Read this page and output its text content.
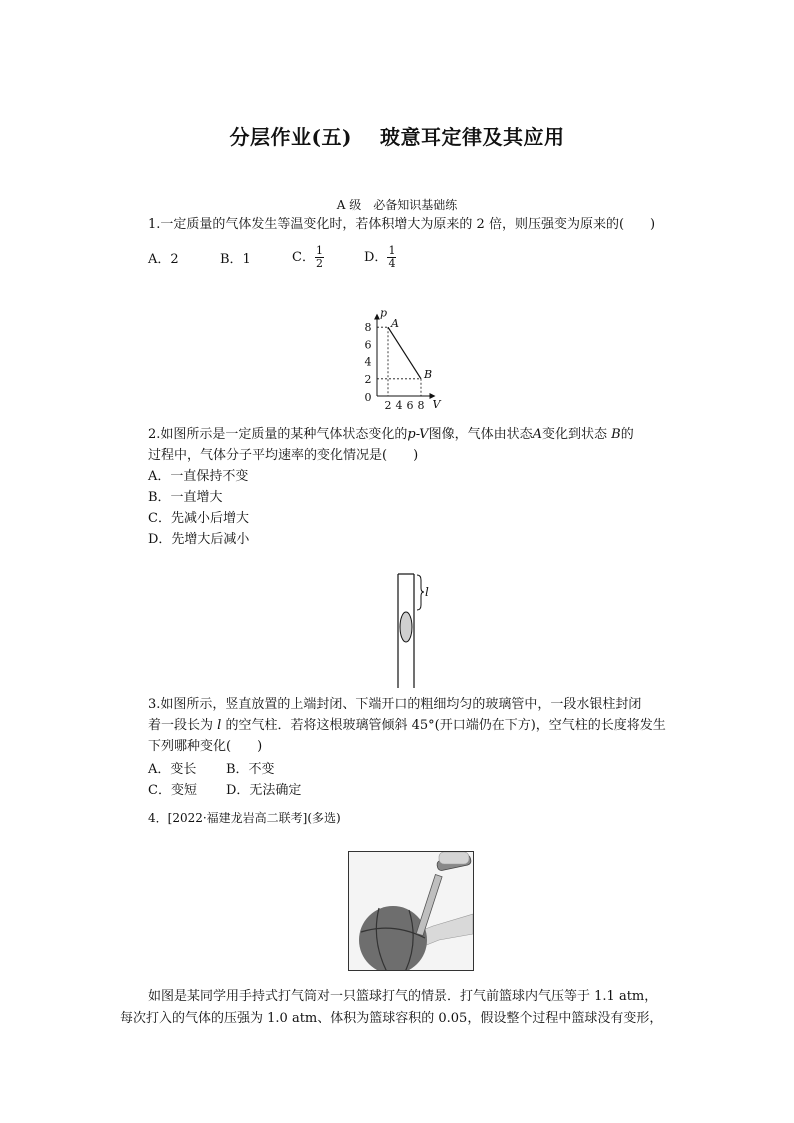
分层作业(五)　 玻意耳定律及其应用
A 级　必备知识基础练
1.一定质量的气体发生等温变化时，若体积增大为原来的 2 倍，则压强变为原来的(　　)
A．2	B．1	C． $\frac{1}{2}$	D． $\frac{1}{4}$
p
V
8
6
4
2
0
2 4 6 8
A
B
2.如图所示是一定质量的某种气体状态变化的p-V图像，气体由状态A变化到状态 B的
过程中，气体分子平均速率的变化情况是(　　)
A．一直保持不变
B．一直增大
C．先减小后增大
D．先增大后减小
l
3.如图所示，竖直放置的上端封闭、下端开口的粗细均匀的玻璃管中，一段水银柱封闭
着一段长为 l 的空气柱．若将这根玻璃管倾斜 45°(开口端仍在下方)，空气柱的长度将发生
下列哪种变化(　　)
A．变长	B．不变
C．变短	D．无法确定
4．[2022·福建龙岩高二联考](多选)
如图是某同学用手持式打气筒对一只篮球打气的情景．打气前篮球内气压等于 1.1 atm，
每次打入的气体的压强为 1.0 atm、体积为篮球容积的 0.05，假设整个过程中篮球没有变形，
